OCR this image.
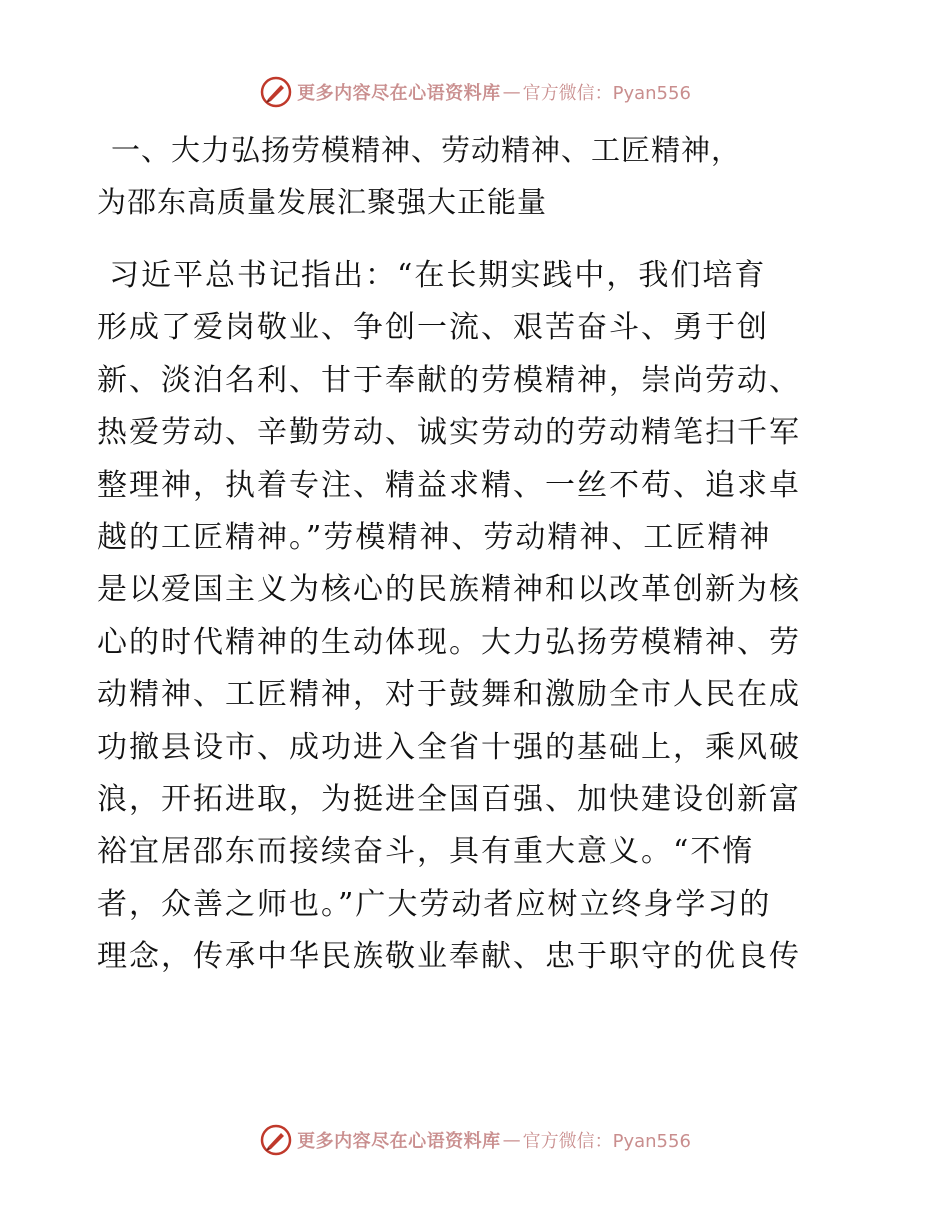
更多内容尽在心语资料库 — 官方微信：Pyan556
一、大力弘扬劳模精神、劳动精神、工匠精神，
为邵东高质量发展汇聚强大正能量
习近平总书记指出：“在长期实践中，我们培育
形成了爱岗敬业、争创一流、艰苦奋斗、勇于创
新、淡泊名利、甘于奉献的劳模精神，崇尚劳动、
热爱劳动、辛勤劳动、诚实劳动的劳动精笔扫千军
整理神，执着专注、精益求精、一丝不苟、追求卓
越的工匠精神。”劳模精神、劳动精神、工匠精神
是以爱国主义为核心的民族精神和以改革创新为核
心的时代精神的生动体现。大力弘扬劳模精神、劳
动精神、工匠精神，对于鼓舞和激励全市人民在成
功撤县设市、成功进入全省十强的基础上，乘风破
浪，开拓进取，为挺进全国百强、加快建设创新富
裕宜居邵东而接续奋斗，具有重大意义。“不惰
者，众善之师也。”广大劳动者应树立终身学习的
理念，传承中华民族敬业奉献、忠于职守的优良传
更多内容尽在心语资料库 — 官方微信：Pyan556
